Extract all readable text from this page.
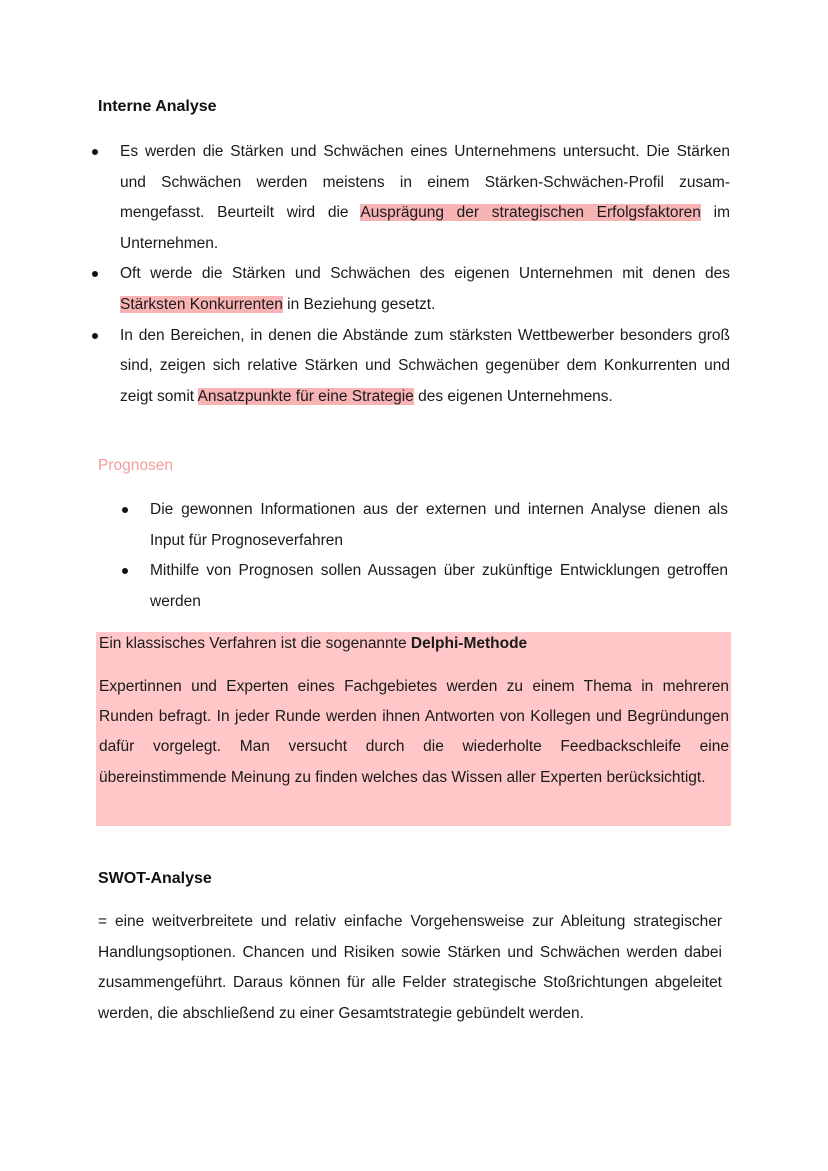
Interne Analyse
Es werden die Stärken und Schwächen eines Unternehmens untersucht. Die Stärken und Schwächen werden meistens in einem Stärken-Schwächen-Profil zusammengefasst. Beurteilt wird die Ausprägung der strategischen Erfolgsfaktoren im Unternehmen.
Oft werde die Stärken und Schwächen des eigenen Unternehmen mit denen des Stärksten Konkurrenten in Beziehung gesetzt.
In den Bereichen, in denen die Abstände zum stärksten Wettbewerber besonders groß sind, zeigen sich relative Stärken und Schwächen gegenüber dem Konkurrenten und zeigt somit Ansatzpunkte für eine Strategie des eigenen Unternehmens.
Prognosen
Die gewonnen Informationen aus der externen und internen Analyse dienen als Input für Prognoseverfahren
Mithilfe von Prognosen sollen Aussagen über zukünftige Entwicklungen getroffen werden
Ein klassisches Verfahren ist die sogenannte Delphi-Methode
Expertinnen und Experten eines Fachgebietes werden zu einem Thema in mehreren Runden befragt. In jeder Runde werden ihnen Antworten von Kollegen und Begründungen dafür vorgelegt. Man versucht durch die wiederholte Feedbackschleife eine übereinstimmende Meinung zu finden welches das Wissen aller Experten berücksichtigt.
SWOT-Analyse
= eine weitverbreitete und relativ einfache Vorgehensweise zur Ableitung strategischer Handlungsoptionen. Chancen und Risiken sowie Stärken und Schwächen werden dabei zusammengeführt. Daraus können für alle Felder strategische Stoßrichtungen abgeleitet werden, die abschließend zu einer Gesamtstrategie gebündelt werden.
